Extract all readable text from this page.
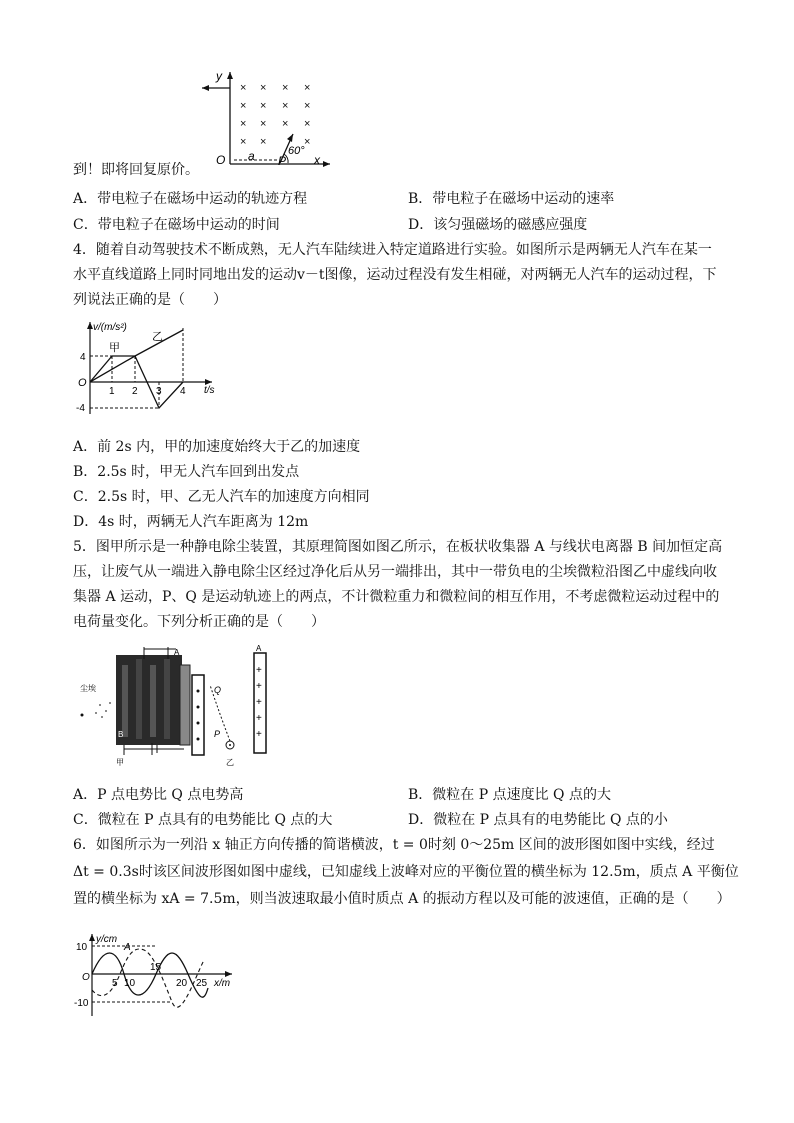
× × × ×
× × × ×
× × × ×
× ×	×
y
x
O a P
60°
到！即将回复原价。
A．带电粒子在磁场中运动的轨迹方程	B．带电粒子在磁场中运动的速率
C．带电粒子在磁场中运动的时间	D．该匀强磁场的磁感应强度
4．随着自动驾驶技术不断成熟，无人汽车陆续进入特定道路进行实验。如图所示是两辆无人汽车在某一
水平直线道路上同时同地出发的运动v－t图像，运动过程没有发生相碰，对两辆无人汽车的运动过程，下
列说法正确的是（　　）
v/(m/s²)
t/s
甲
乙
O
4
-4
1 2 3 4
A．前 2s 内，甲的加速度始终大于乙的加速度
B．2.5s 时，甲无人汽车回到出发点
C．2.5s 时，甲、乙无人汽车的加速度方向相同
D．4s 时，两辆无人汽车距离为 12m
5．图甲所示是一种静电除尘装置，其原理简图如图乙所示，在板状收集器 A 与线状电离器 B 间加恒定高
压，让废气从一端进入静电除尘区经过净化后从另一端排出，其中一带负电的尘埃微粒沿图乙中虚线向收
集器 A 运动，P、Q 是运动轨迹上的两点，不计微粒重力和微粒间的相互作用，不考虑微粒运动过程中的
电荷量变化。下列分析正确的是（　　）
+
+
+
+
+
尘埃
B
A	A
Q
P
甲	乙
A．P 点电势比 Q 点电势高	B．微粒在 P 点速度比 Q 点的大
C．微粒在 P 点具有的电势能比 Q 点的大	D．微粒在 P 点具有的电势能比 Q 点的小
6．如图所示为一列沿 x 轴正方向传播的简谐横波，t = 0时刻 0～25m 区间的波形图如图中实线，经过
Δt = 0.3s时该区间波形图如图中虚线，已知虚线上波峰对应的平衡位置的横坐标为 12.5m，质点 A 平衡位
置的横坐标为 xA = 7.5m，则当波速取最小值时质点 A 的振动方程以及可能的波速值，正确的是（　　）
y/cm
x/m
A
O
10
-10
5 10
15
20 25
